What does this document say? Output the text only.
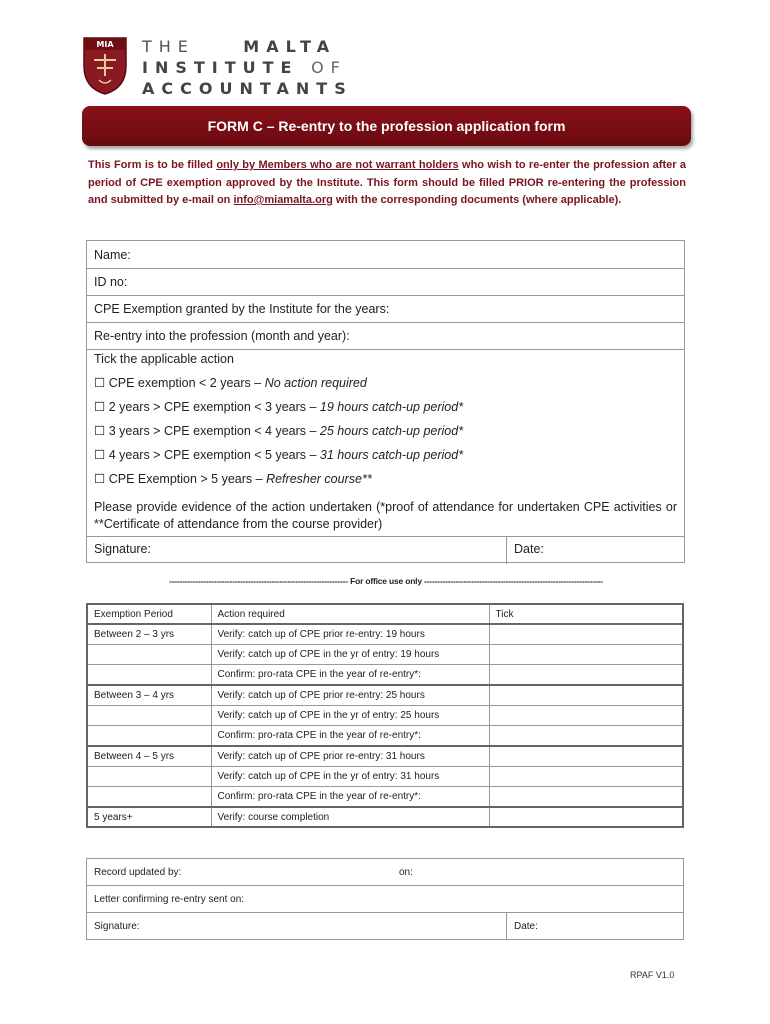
MIA THE	MALTA
INSTITUTE OF
ACCOUNTANTS
FORM C – Re-entry to the profession application form
This Form is to be filled only by Members who are not warrant holders who wish to re-enter the profession after a period of CPE exemption approved by the Institute. This form should be filled PRIOR re-entering the profession and submitted by e-mail on info@miamalta.org with the corresponding documents (where applicable).
Name:
ID no:
CPE Exemption granted by the Institute for the years:
Re-entry into the profession (month and year):
Tick the applicable action
☐ CPE exemption < 2 years – No action required
☐ 2 years > CPE exemption < 3 years – 19 hours catch-up period*
☐ 3 years > CPE exemption < 4 years – 25 hours catch-up period*
☐ 4 years > CPE exemption < 5 years – 31 hours catch-up period*
☐ CPE Exemption > 5 years – Refresher course**
Please provide evidence of the action undertaken (*proof of attendance for undertaken CPE activities or **Certificate of attendance from the course provider)
Signature:	Date:
-------------------------------------------------------------------- For office use only --------------------------------------------------------------------
Exemption Period	Action required	Tick
Between 2 – 3 yrs	Verify: catch up of CPE prior re-entry: 19 hours	
	Verify: catch up of CPE in the yr of entry: 19 hours	
	Confirm: pro-rata CPE in the year of re-entry*:	
Between 3 – 4 yrs	Verify: catch up of CPE prior re-entry: 25 hours	
	Verify: catch up of CPE in the yr of entry: 25 hours	
	Confirm: pro-rata CPE in the year of re-entry*:	
Between 4 – 5 yrs	Verify: catch up of CPE prior re-entry: 31 hours	
	Verify: catch up of CPE in the yr of entry: 31 hours	
	Confirm: pro-rata CPE in the year of re-entry*:	
5 years+	Verify: course completion	
Record updated by:	on:
Letter confirming re-entry sent on:
Signature:	Date:
RPAF V1.0
